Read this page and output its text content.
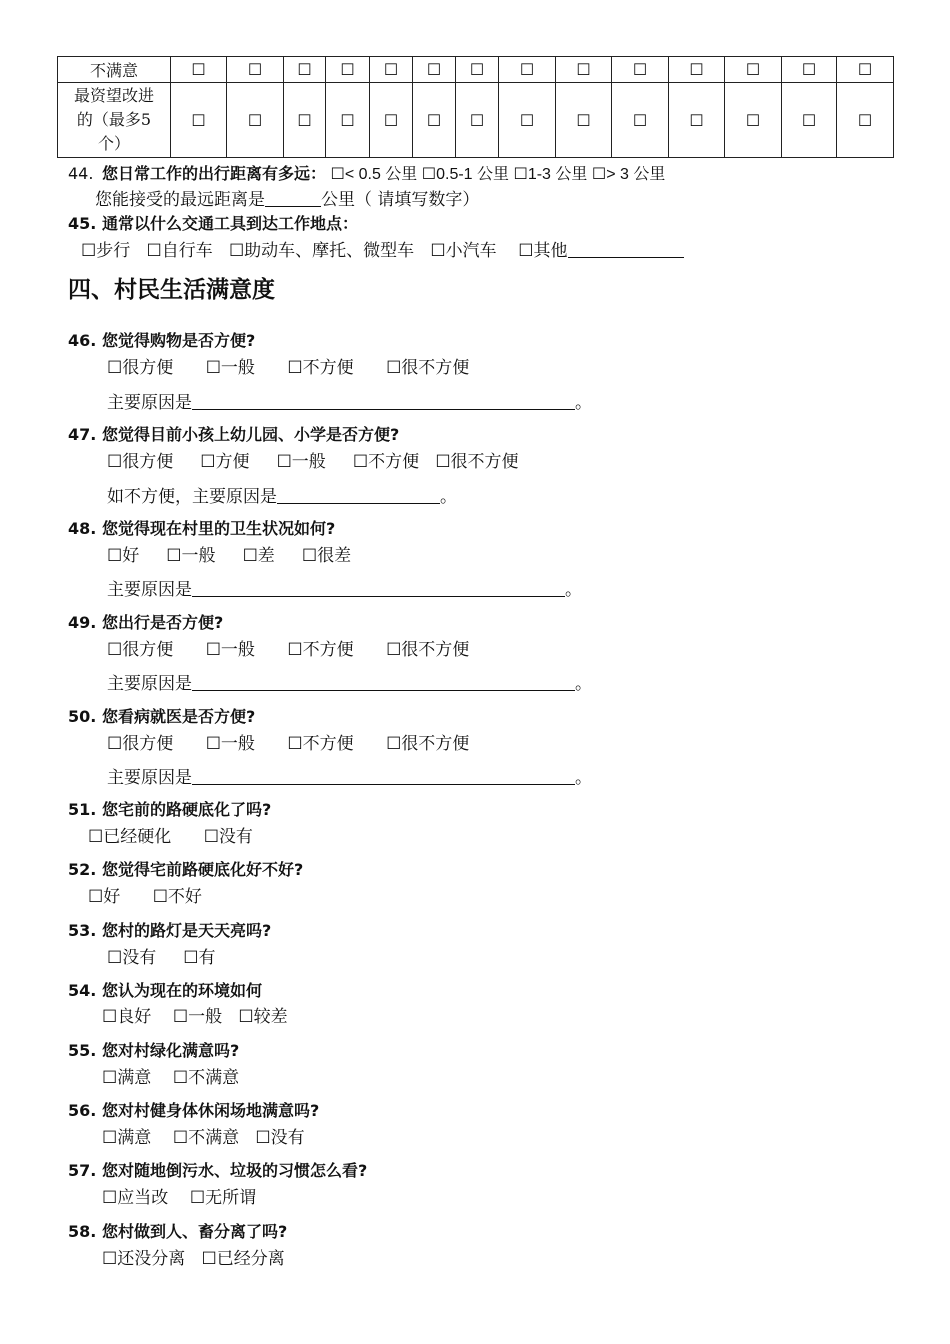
不满意	☐	☐	☐	☐	☐	☐	☐	☐	☐	☐	☐	☐	☐	☐

最资望改进
的（最多5
个）	☐	☐	☐	☐	☐	☐	☐	☐	☐	☐	☐	☐	☐	☐
44. 您日常工作的出行距离有多远： ☐< 0.5 公里 ☐0.5-1 公里 ☐1-3 公里 ☐> 3 公里
您能接受的最远距离是	公里（ 请填写数字）
45. 通常以什么交通工具到达工作地点：
☐步行 ☐自行车 ☐助动车、摩托、微型车 ☐小汽车 ☐其他
四、村民生活满意度
46. 您觉得购物是否方便?
☐很方便 ☐一般 ☐不方便 ☐很不方便
主要原因是	。
47. 您觉得目前小孩上幼儿园、小学是否方便?
☐很方便 ☐方便 ☐一般 ☐不方便 ☐很不方便
如不方便，主要原因是	。
48. 您觉得现在村里的卫生状况如何?
☐好 ☐一般 ☐差 ☐很差
主要原因是	。
49. 您出行是否方便?
☐很方便 ☐一般 ☐不方便 ☐很不方便
主要原因是	。
50. 您看病就医是否方便?
☐很方便 ☐一般 ☐不方便 ☐很不方便
主要原因是	。
51. 您宅前的路硬底化了吗?
☐已经硬化 ☐没有
52. 您觉得宅前路硬底化好不好?
☐好 ☐不好
53. 您村的路灯是天天亮吗?
☐没有 ☐有
54. 您认为现在的环境如何
☐良好 ☐一般 ☐较差
55. 您对村绿化满意吗?
☐满意 ☐不满意
56. 您对村健身体休闲场地满意吗?
☐满意 ☐不满意 ☐没有
57. 您对随地倒污水、垃圾的习惯怎么看?
☐应当改 ☐无所谓
58. 您村做到人、畜分离了吗?
☐还没分离 ☐已经分离
